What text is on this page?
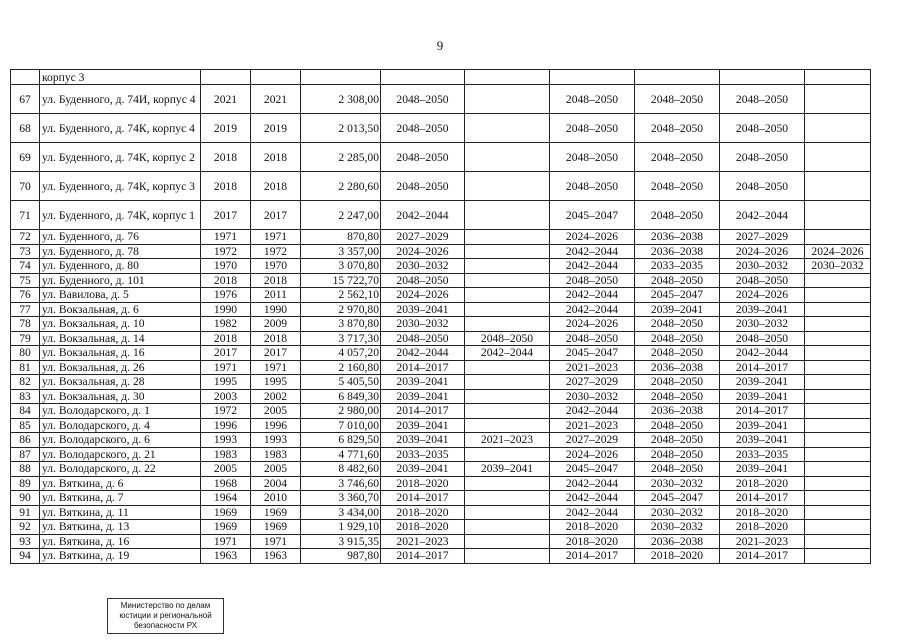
9
	корпус 3									
67	ул. Буденного, д. 74И, корпус 4	2021	2021	2 308,00	2048–2050		2048–2050	2048–2050	2048–2050	
68	ул. Буденного, д. 74К, корпус 4	2019	2019	2 013,50	2048–2050		2048–2050	2048–2050	2048–2050	
69	ул. Буденного, д. 74К, корпус 2	2018	2018	2 285,00	2048–2050		2048–2050	2048–2050	2048–2050	
70	ул. Буденного, д. 74К, корпус 3	2018	2018	2 280,60	2048–2050		2048–2050	2048–2050	2048–2050	
71	ул. Буденного, д. 74К, корпус 1	2017	2017	2 247,00	2042–2044		2045–2047	2048–2050	2042–2044	
72	ул. Буденного, д. 76	1971	1971	870,80	2027–2029		2024–2026	2036–2038	2027–2029	
73	ул. Буденного, д. 78	1972	1972	3 357,00	2024–2026		2042–2044	2036–2038	2024–2026	2024–2026
74	ул. Буденного, д. 80	1970	1970	3 070,80	2030–2032		2042–2044	2033–2035	2030–2032	2030–2032
75	ул. Буденного, д. 101	2018	2018	15 722,70	2048–2050		2048–2050	2048–2050	2048–2050	
76	ул. Вавилова, д. 5	1976	2011	2 562,10	2024–2026		2042–2044	2045–2047	2024–2026	
77	ул. Вокзальная, д. 6	1990	1990	2 970,80	2039–2041		2042–2044	2039–2041	2039–2041	
78	ул. Вокзальная, д. 10	1982	2009	3 870,80	2030–2032		2024–2026	2048–2050	2030–2032	
79	ул. Вокзальная, д. 14	2018	2018	3 717,30	2048–2050	2048–2050	2048–2050	2048–2050	2048–2050	
80	ул. Вокзальная, д. 16	2017	2017	4 057,20	2042–2044	2042–2044	2045–2047	2048–2050	2042–2044	
81	ул. Вокзальная, д. 26	1971	1971	2 160,80	2014–2017		2021–2023	2036–2038	2014–2017	
82	ул. Вокзальная, д. 28	1995	1995	5 405,50	2039–2041		2027–2029	2048–2050	2039–2041	
83	ул. Вокзальная, д. 30	2003	2002	6 849,30	2039–2041		2030–2032	2048–2050	2039–2041	
84	ул. Володарского, д. 1	1972	2005	2 980,00	2014–2017		2042–2044	2036–2038	2014–2017	
85	ул. Володарского, д. 4	1996	1996	7 010,00	2039–2041		2021–2023	2048–2050	2039–2041	
86	ул. Володарского, д. 6	1993	1993	6 829,50	2039–2041	2021–2023	2027–2029	2048–2050	2039–2041	
87	ул. Володарского, д. 21	1983	1983	4 771,60	2033–2035		2024–2026	2048–2050	2033–2035	
88	ул. Володарского, д. 22	2005	2005	8 482,60	2039–2041	2039–2041	2045–2047	2048–2050	2039–2041	
89	ул. Вяткина, д. 6	1968	2004	3 746,60	2018–2020		2042–2044	2030–2032	2018–2020	
90	ул. Вяткина, д. 7	1964	2010	3 360,70	2014–2017		2042–2044	2045–2047	2014–2017	
91	ул. Вяткина, д. 11	1969	1969	3 434,00	2018–2020		2042–2044	2030–2032	2018–2020	
92	ул. Вяткина, д. 13	1969	1969	1 929,10	2018–2020		2018–2020	2030–2032	2018–2020	
93	ул. Вяткина, д. 16	1971	1971	3 915,35	2021–2023		2018–2020	2036–2038	2021–2023	
94	ул. Вяткина, д. 19	1963	1963	987,80	2014–2017		2014–2017	2018–2020	2014–2017	
Министерство по делам
юстиции и региональной
безопасности РХ
